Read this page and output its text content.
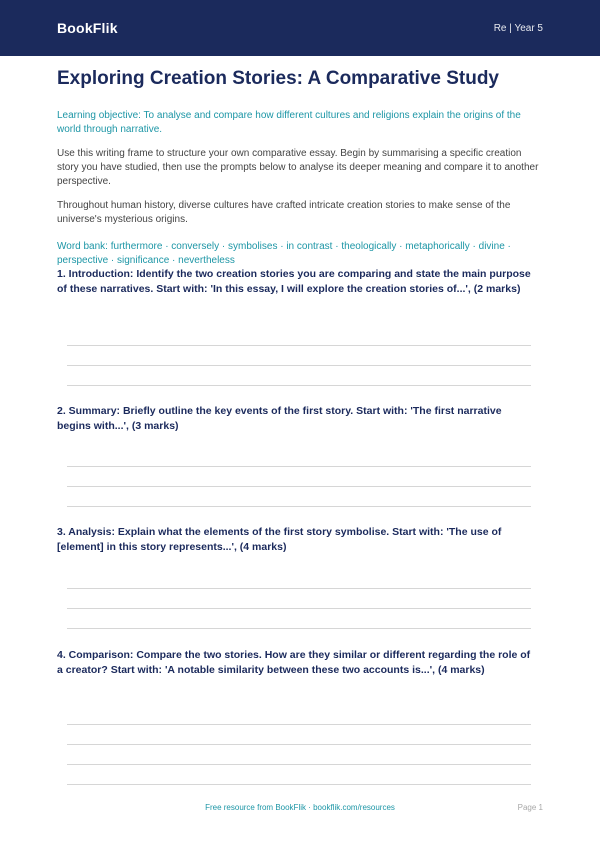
BookFlik	Re | Year 5
Exploring Creation Stories: A Comparative Study
Learning objective: To analyse and compare how different cultures and religions explain the origins of the world through narrative.
Use this writing frame to structure your own comparative essay. Begin by summarising a specific creation story you have studied, then use the prompts below to analyse its deeper meaning and compare it to another perspective.
Throughout human history, diverse cultures have crafted intricate creation stories to make sense of the universe's mysterious origins.
Word bank: furthermore · conversely · symbolises · in contrast · theologically · metaphorically · divine · perspective · significance · nevertheless
1. Introduction: Identify the two creation stories you are comparing and state the main purpose of these narratives. Start with: 'In this essay, I will explore the creation stories of...', (2 marks)
2. Summary: Briefly outline the key events of the first story. Start with: 'The first narrative begins with...', (3 marks)
3. Analysis: Explain what the elements of the first story symbolise. Start with: 'The use of [element] in this story represents...', (4 marks)
4. Comparison: Compare the two stories. How are they similar or different regarding the role of a creator? Start with: 'A notable similarity between these two accounts is...', (4 marks)
Free resource from BookFlik · bookflik.com/resources	Page 1
